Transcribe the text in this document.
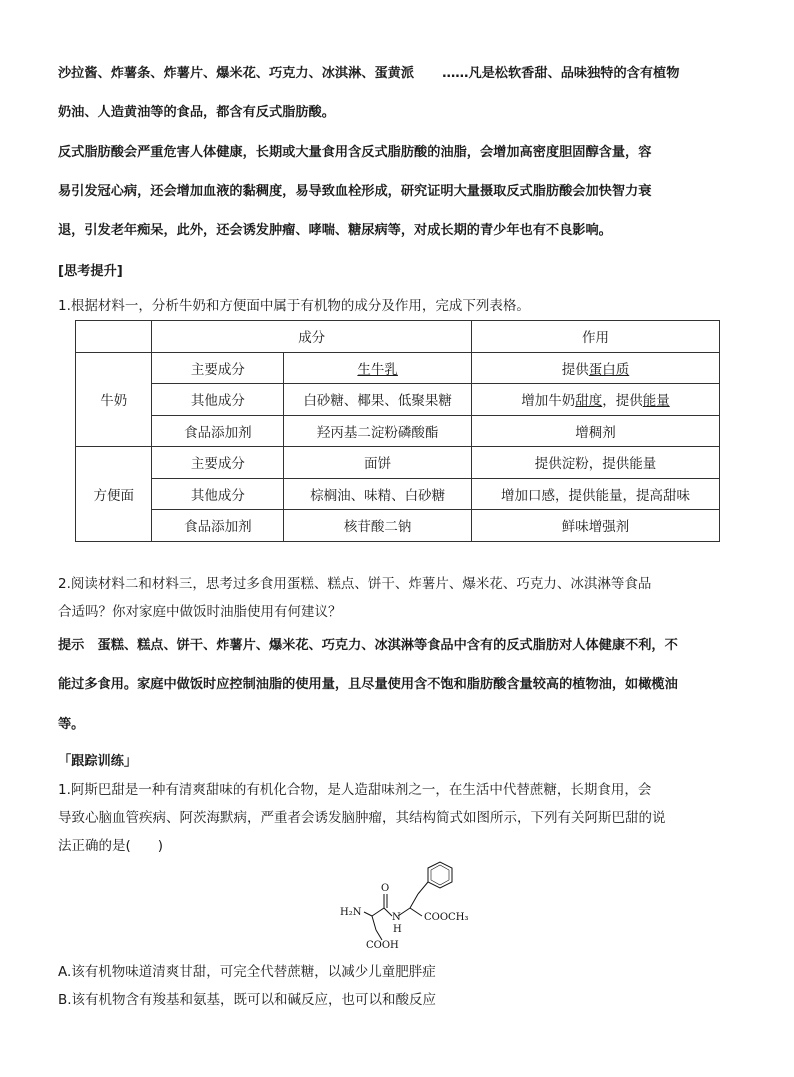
沙拉酱、炸薯条、炸薯片、爆米花、巧克力、冰淇淋、蛋黄派 ……凡是松软香甜、品味独特的含有植物
奶油、人造黄油等的食品，都含有反式脂肪酸。
反式脂肪酸会严重危害人体健康，长期或大量食用含反式脂肪酸的油脂，会增加高密度胆固醇含量，容
易引发冠心病，还会增加血液的黏稠度，易导致血栓形成，研究证明大量摄取反式脂肪酸会加快智力衰
退，引发老年痴呆，此外，还会诱发肿瘤、哮喘、糖尿病等，对成长期的青少年也有不良影响。
[思考提升]
1.根据材料一，分析牛奶和方便面中属于有机物的成分及作用，完成下列表格。
	成分		作用
牛奶	主要成分	生牛乳	提供蛋白质
	其他成分	白砂糖、椰果、低聚果糖	增加牛奶甜度，提供能量
	食品添加剂	羟丙基二淀粉磷酸酯	增稠剂
方便面	主要成分	面饼	提供淀粉，提供能量
	其他成分	棕榈油、味精、白砂糖	增加口感，提供能量，提高甜味
	食品添加剂	核苷酸二钠	鲜味增强剂
2.阅读材料二和材料三，思考过多食用蛋糕、糕点、饼干、炸薯片、爆米花、巧克力、冰淇淋等食品
合适吗？你对家庭中做饭时油脂使用有何建议？
提示　蛋糕、糕点、饼干、炸薯片、爆米花、巧克力、冰淇淋等食品中含有的反式脂肪对人体健康不利，不
能过多食用。家庭中做饭时应控制油脂的使用量，且尽量使用含不饱和脂肪酸含量较高的植物油，如橄榄油
等。
「跟踪训练」
1.阿斯巴甜是一种有清爽甜味的有机化合物，是人造甜味剂之一，在生活中代替蔗糖，长期食用，会
导致心脑血管疾病、阿茨海默病，严重者会诱发脑肿瘤，其结构简式如图所示，下列有关阿斯巴甜的说
法正确的是(　　)
H₂N
O
N
H
COOCH₃
COOH
A.该有机物味道清爽甘甜，可完全代替蔗糖，以减少儿童肥胖症
B.该有机物含有羧基和氨基，既可以和碱反应，也可以和酸反应
